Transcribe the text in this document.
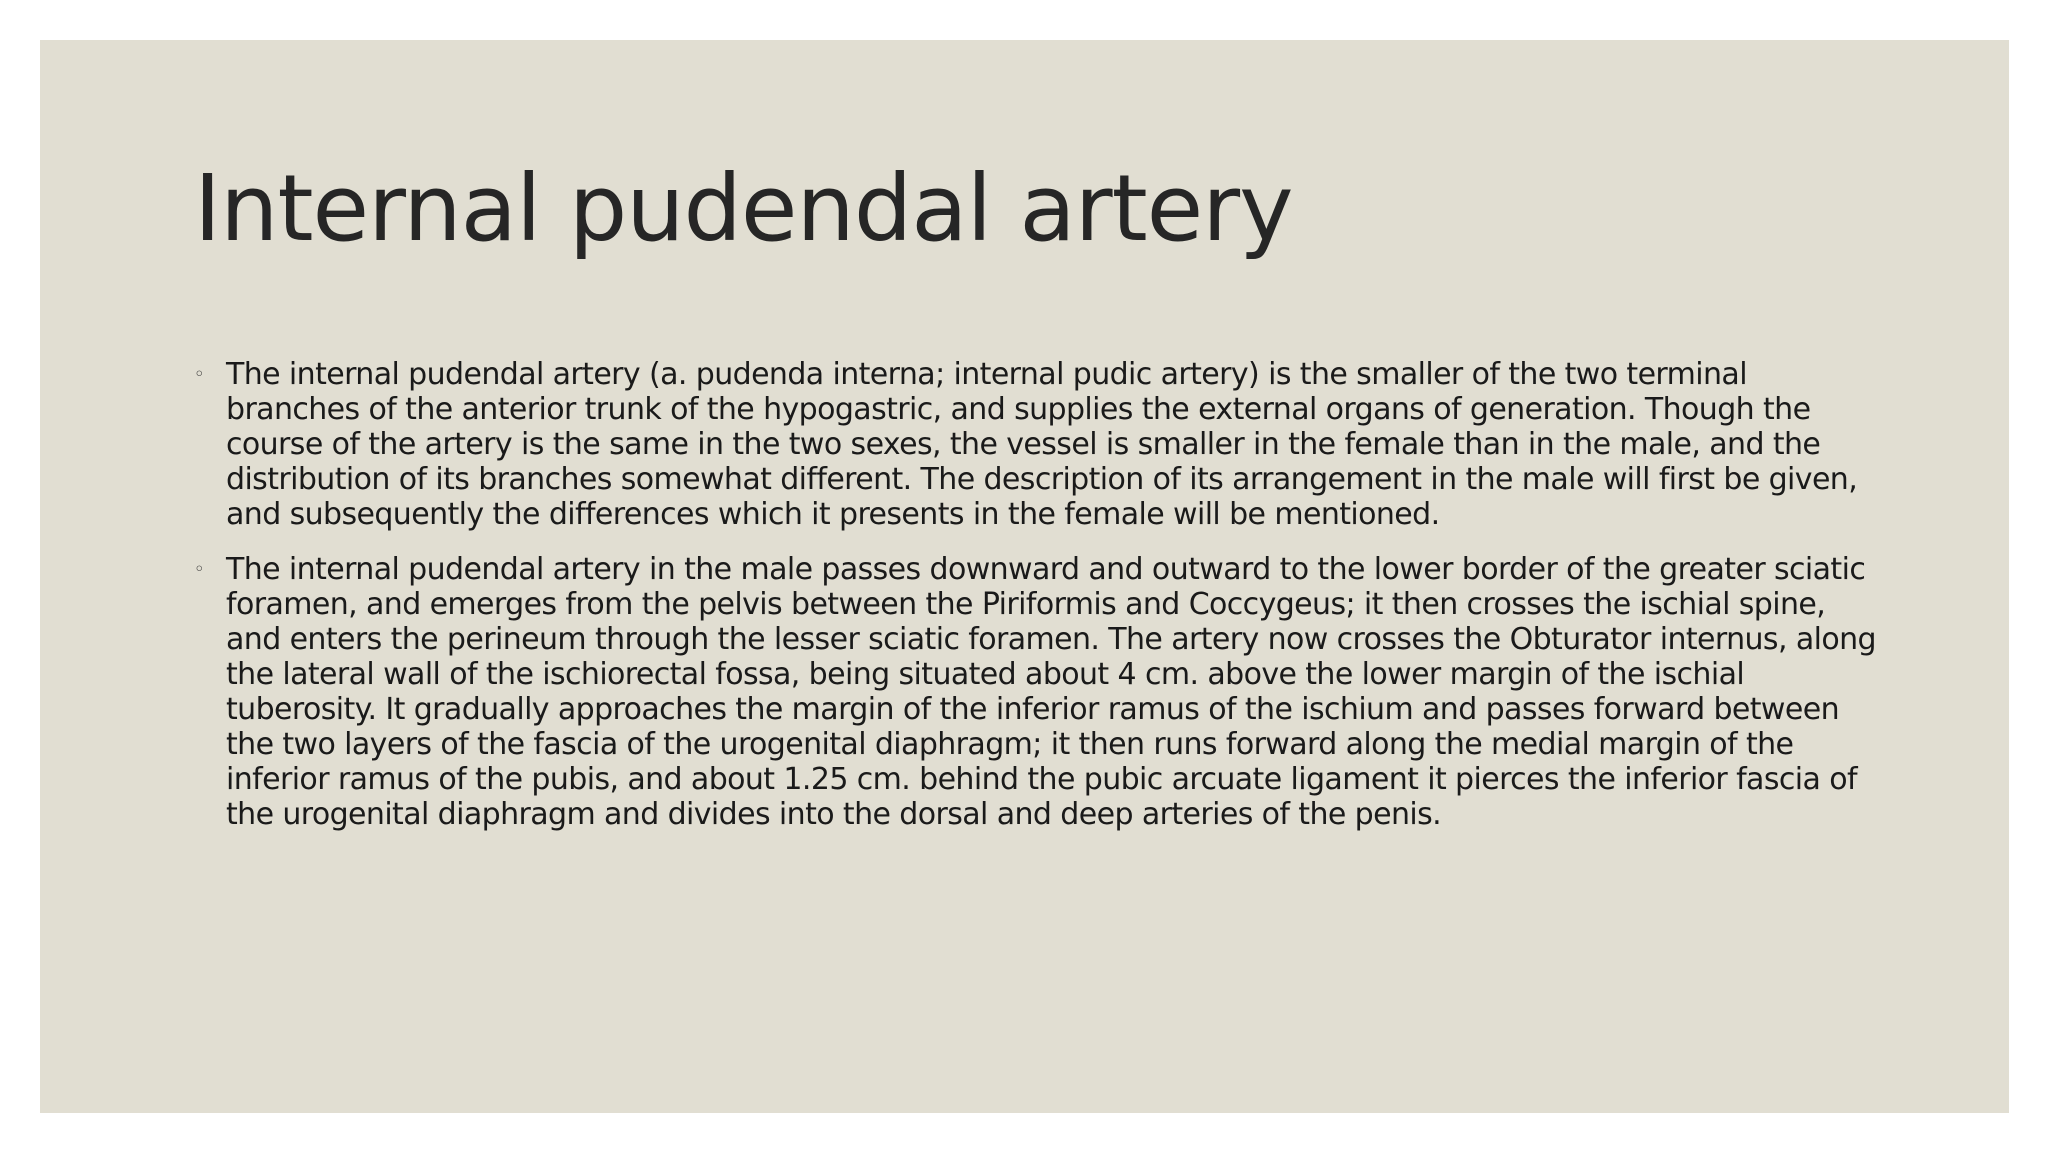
Internal pudendal artery
◦ The internal pudendal artery (a. pudenda interna; internal pudic artery) is the smaller of the two terminal branches of the anterior trunk of the hypogastric, and supplies the external organs of generation. Though the course of the artery is the same in the two sexes, the vessel is smaller in the female than in the male, and the distribution of its branches somewhat different. The description of its arrangement in the male will first be given, and subsequently the differences which it presents in the female will be mentioned.
◦ The internal pudendal artery in the male passes downward and outward to the lower border of the greater sciatic foramen, and emerges from the pelvis between the Piriformis and Coccygeus; it then crosses the ischial spine, and enters the perineum through the lesser sciatic foramen. The artery now crosses the Obturator internus, along the lateral wall of the ischiorectal fossa, being situated about 4 cm. above the lower margin of the ischial tuberosity. It gradually approaches the margin of the inferior ramus of the ischium and passes forward between the two layers of the fascia of the urogenital diaphragm; it then runs forward along the medial margin of the inferior ramus of the pubis, and about 1.25 cm. behind the pubic arcuate ligament it pierces the inferior fascia of the urogenital diaphragm and divides into the dorsal and deep arteries of the penis.
